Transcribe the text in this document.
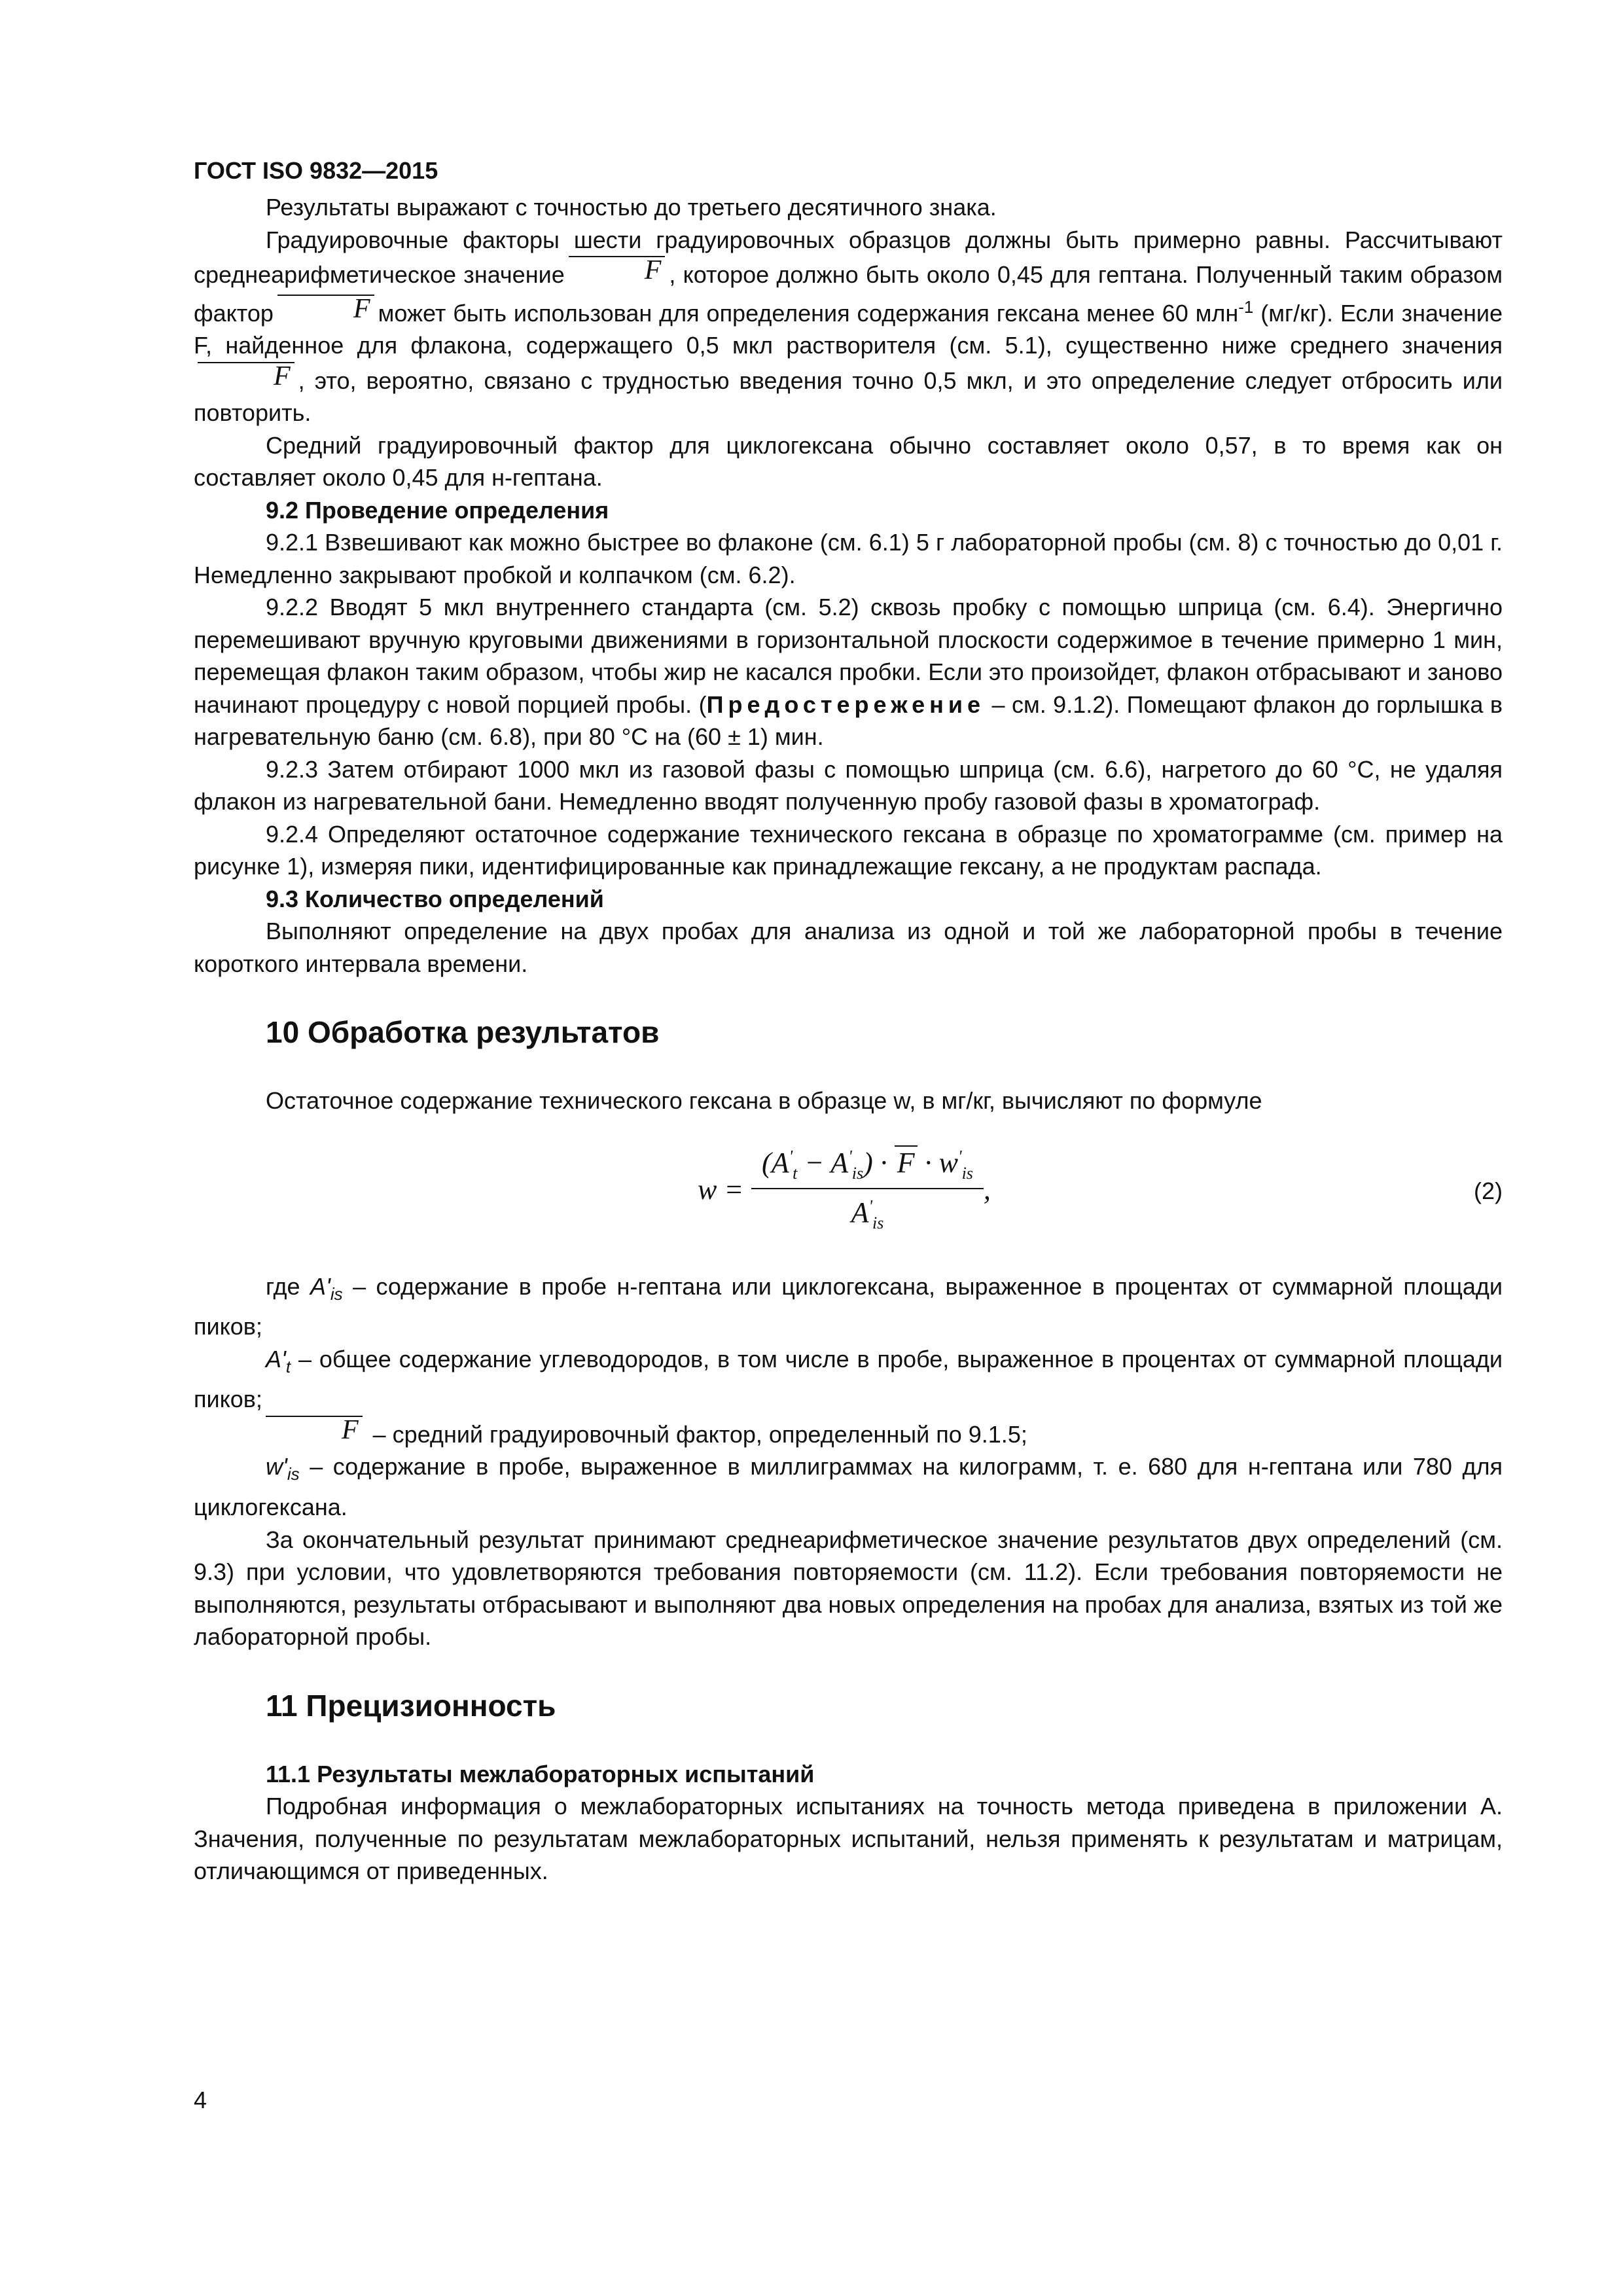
ГОСТ ISO 9832—2015

Результаты выражают с точностью до третьего десятичного знака.

Градуировочные факторы шести градуировочных образцов должны быть примерно равны. Рассчитывают среднеарифметическое значение	F , которое должно быть около 0,45 для гептана. Полученный таким образом фактор	F может быть использован для определения содержания гексана менее 60 млн$^{-1}$ (мг/кг). Если значение F, найденное для флакона, содержащего 0,5 мкл растворителя (см. 5.1), существенно ниже среднего значенияF , это, вероятно, связано с трудностью введения точно 0,5 мкл, и это определение следует отбросить или повторить.

Средний градуировочный фактор для циклогексана обычно составляет около 0,57, в то время как он составляет около 0,45 для н-гептана.

9.2 Проведение определения

9.2.1 Взвешивают как можно быстрее во флаконе (см. 6.1) 5 г лабораторной пробы (см. 8) с точностью до 0,01 г. Немедленно закрывают пробкой и колпачком (см. 6.2).

9.2.2 Вводят 5 мкл внутреннего стандарта (см. 5.2) сквозь пробку с помощью шприца (см. 6.4). Энергично перемешивают вручную круговыми движениями в горизонтальной плоскости содержимое в течение примерно 1 мин, перемещая флакон таким образом, чтобы жир не касался пробки. Если это произойдет, флакон отбрасывают и заново начинают процедуру с новой порцией пробы. (Предостережение – см. 9.1.2). Помещают флакон до горлышка в нагревательную баню (см. 6.8), при 80 °С на (60 ± 1) мин.

9.2.3 Затем отбирают 1000 мкл из газовой фазы с помощью шприца (см. 6.6), нагретого до 60 °С, не удаляя флакон из нагревательной бани. Немедленно вводят полученную пробу газовой фазы в хроматограф.

9.2.4 Определяют остаточное содержание технического гексана в образце по хроматограмме (см. пример на рисунке 1), измеряя пики, идентифицированные как принадлежащие гексану, а не продуктам распада.

9.3 Количество определений

Выполняют определение на двух пробах для анализа из одной и той же лабораторной пробы в течение короткого интервала времени.

10 Обработка результатов

Остаточное содержание технического гексана в образце w, в мг/кг, вычисляют по формуле

$w = \frac{(A'_t - A'_{is}) \cdot F \cdot w'_{is}}{A'_{is}}$ ,	(2)

где $A'_{is}$ – содержание в пробе н-гептана или циклогексана, выраженное в процентах от суммарной площади пиков;

$A'_t$ – общее содержание углеводородов, в том числе в пробе, выраженное в процентах от суммарной площади пиков;

F – средний градуировочный фактор, определенный по 9.1.5;

$w'_{is}$ – содержание в пробе, выраженное в миллиграммах на килограмм, т. е. 680 для н-гептана или 780 для циклогексана.

За окончательный результат принимают среднеарифметическое значение результатов двух определений (см. 9.3) при условии, что удовлетворяются требования повторяемости (см. 11.2). Если требования повторяемости не выполняются, результаты отбрасывают и выполняют два новых определения на пробах для анализа, взятых из той же лабораторной пробы.

11 Прецизионность
11.1 Результаты межлабораторных испытаний

Подробная информация о межлабораторных испытаниях на точность метода приведена в приложении А. Значения, полученные по результатам межлабораторных испытаний, нельзя применять к результатам и матрицам, отличающимся от приведенных.

4
